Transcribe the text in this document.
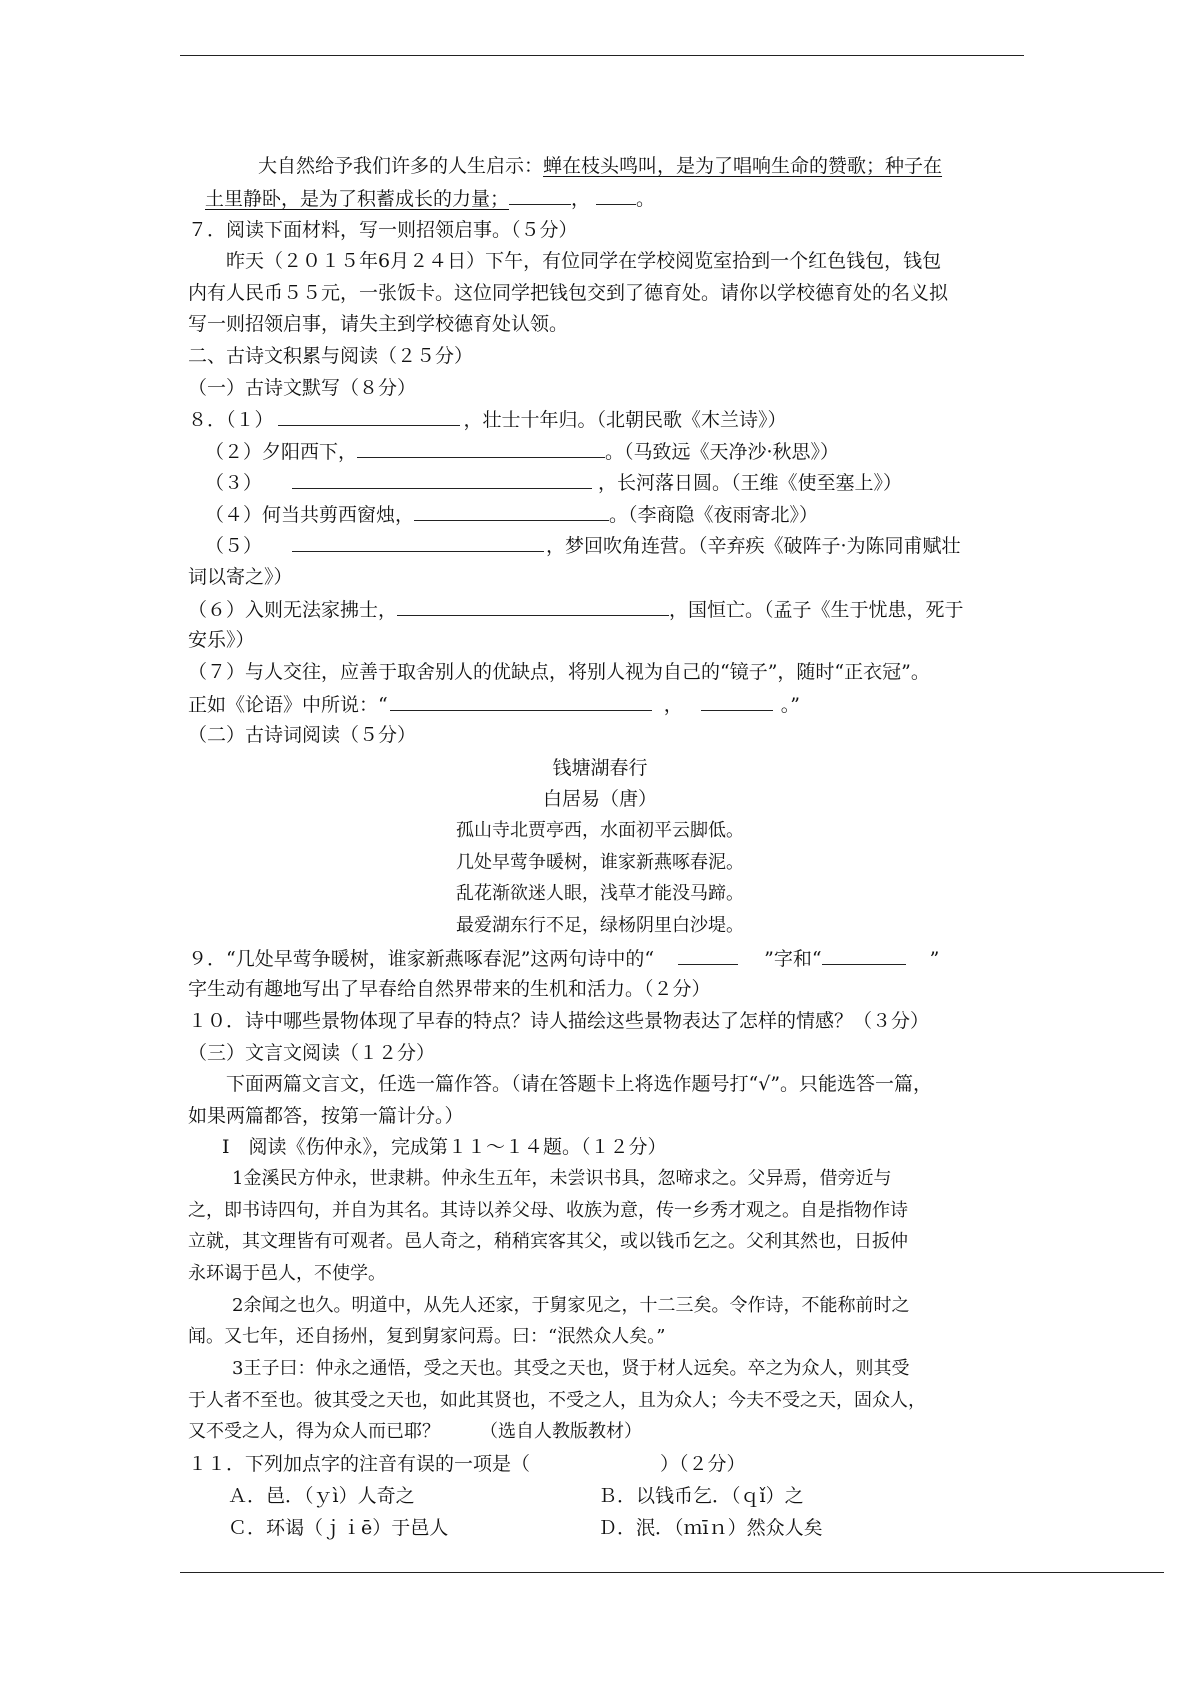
大自然给予我们许多的人生启示：蝉在枝头鸣叫，是为了唱响生命的赞歌；种子在
土里静卧，是为了积蓄成长的力量；	， 。
７．阅读下面材料，写一则招领启事。（５分）
昨天（２０１５年6月２４日）下午，有位同学在学校阅览室拾到一个红色钱包，钱包
内有人民币５５元，一张饭卡。这位同学把钱包交到了德育处。请你以学校德育处的名义拟
写一则招领启事，请失主到学校德育处认领。
二、古诗文积累与阅读（２５分）
（一）古诗文默写（８分）
８．（１）	，壮士十年归。（北朝民歌《木兰诗》）
（２）夕阳西下，	。（马致远《天净沙·秋思》）
（３）	，长河落日圆。（王维《使至塞上》）
（４）何当共剪西窗烛，	。（李商隐《夜雨寄北》）
（５）	，梦回吹角连营。（辛弃疾《破阵子·为陈同甫赋壮
词以寄之》）
（６）入则无法家拂士，	，国恒亡。（孟子《生于忧患，死于
安乐》）
（７）与人交往，应善于取舍别人的优缺点，将别人视为自己的“镜子”，随时“正衣冠”。
正如《论语》中所说：“	，	。”
（二）古诗词阅读（５分）
钱塘湖春行
白居易（唐）
孤山寺北贾亭西，水面初平云脚低。
几处早莺争暖树，谁家新燕啄春泥。
乱花渐欲迷人眼，浅草才能没马蹄。
最爱湖东行不足，绿杨阴里白沙堤。
９．“几处早莺争暖树，谁家新燕啄春泥”这两句诗中的“	”字和“	”
字生动有趣地写出了早春给自然界带来的生机和活力。（２分）
１０．诗中哪些景物体现了早春的特点？诗人描绘这些景物表达了怎样的情感？（３分）
（三）文言文阅读（１２分）
下面两篇文言文，任选一篇作答。（请在答题卡上将选作题号打“√”。只能选答一篇，
如果两篇都答，按第一篇计分。）
Ⅰ　阅读《伤仲永》，完成第１１～１４题。（１２分）
1金溪民方仲永，世隶耕。仲永生五年，未尝识书具，忽啼求之。父异焉，借旁近与
之，即书诗四句，并自为其名。其诗以养父母、收族为意，传一乡秀才观之。自是指物作诗
立就，其文理皆有可观者。邑人奇之，稍稍宾客其父，或以钱币乞之。父利其然也，日扳仲
永环谒于邑人，不使学。
2余闻之也久。明道中，从先人还家，于舅家见之，十二三矣。令作诗，不能称前时之
闻。又七年，还自扬州，复到舅家问焉。曰：“泯然众人矣。”
3王子曰：仲永之通悟，受之天也。其受之天也，贤于材人远矣。卒之为众人，则其受
于人者不至也。彼其受之天也，如此其贤也，不受之人，且为众人；今夫不受之天，固众人，
又不受之人，得为众人而已耶？ （选自人教版教材）
１１．下列加点字的注音有误的一项是（	）（２分）
Ａ．邑．（ｙì）人奇之	Ｂ．以钱币乞．（ｑǐ）之
Ｃ．环谒（ｊｉē）于邑人	Ｄ．泯．（ｍīｎ）然众人矣
